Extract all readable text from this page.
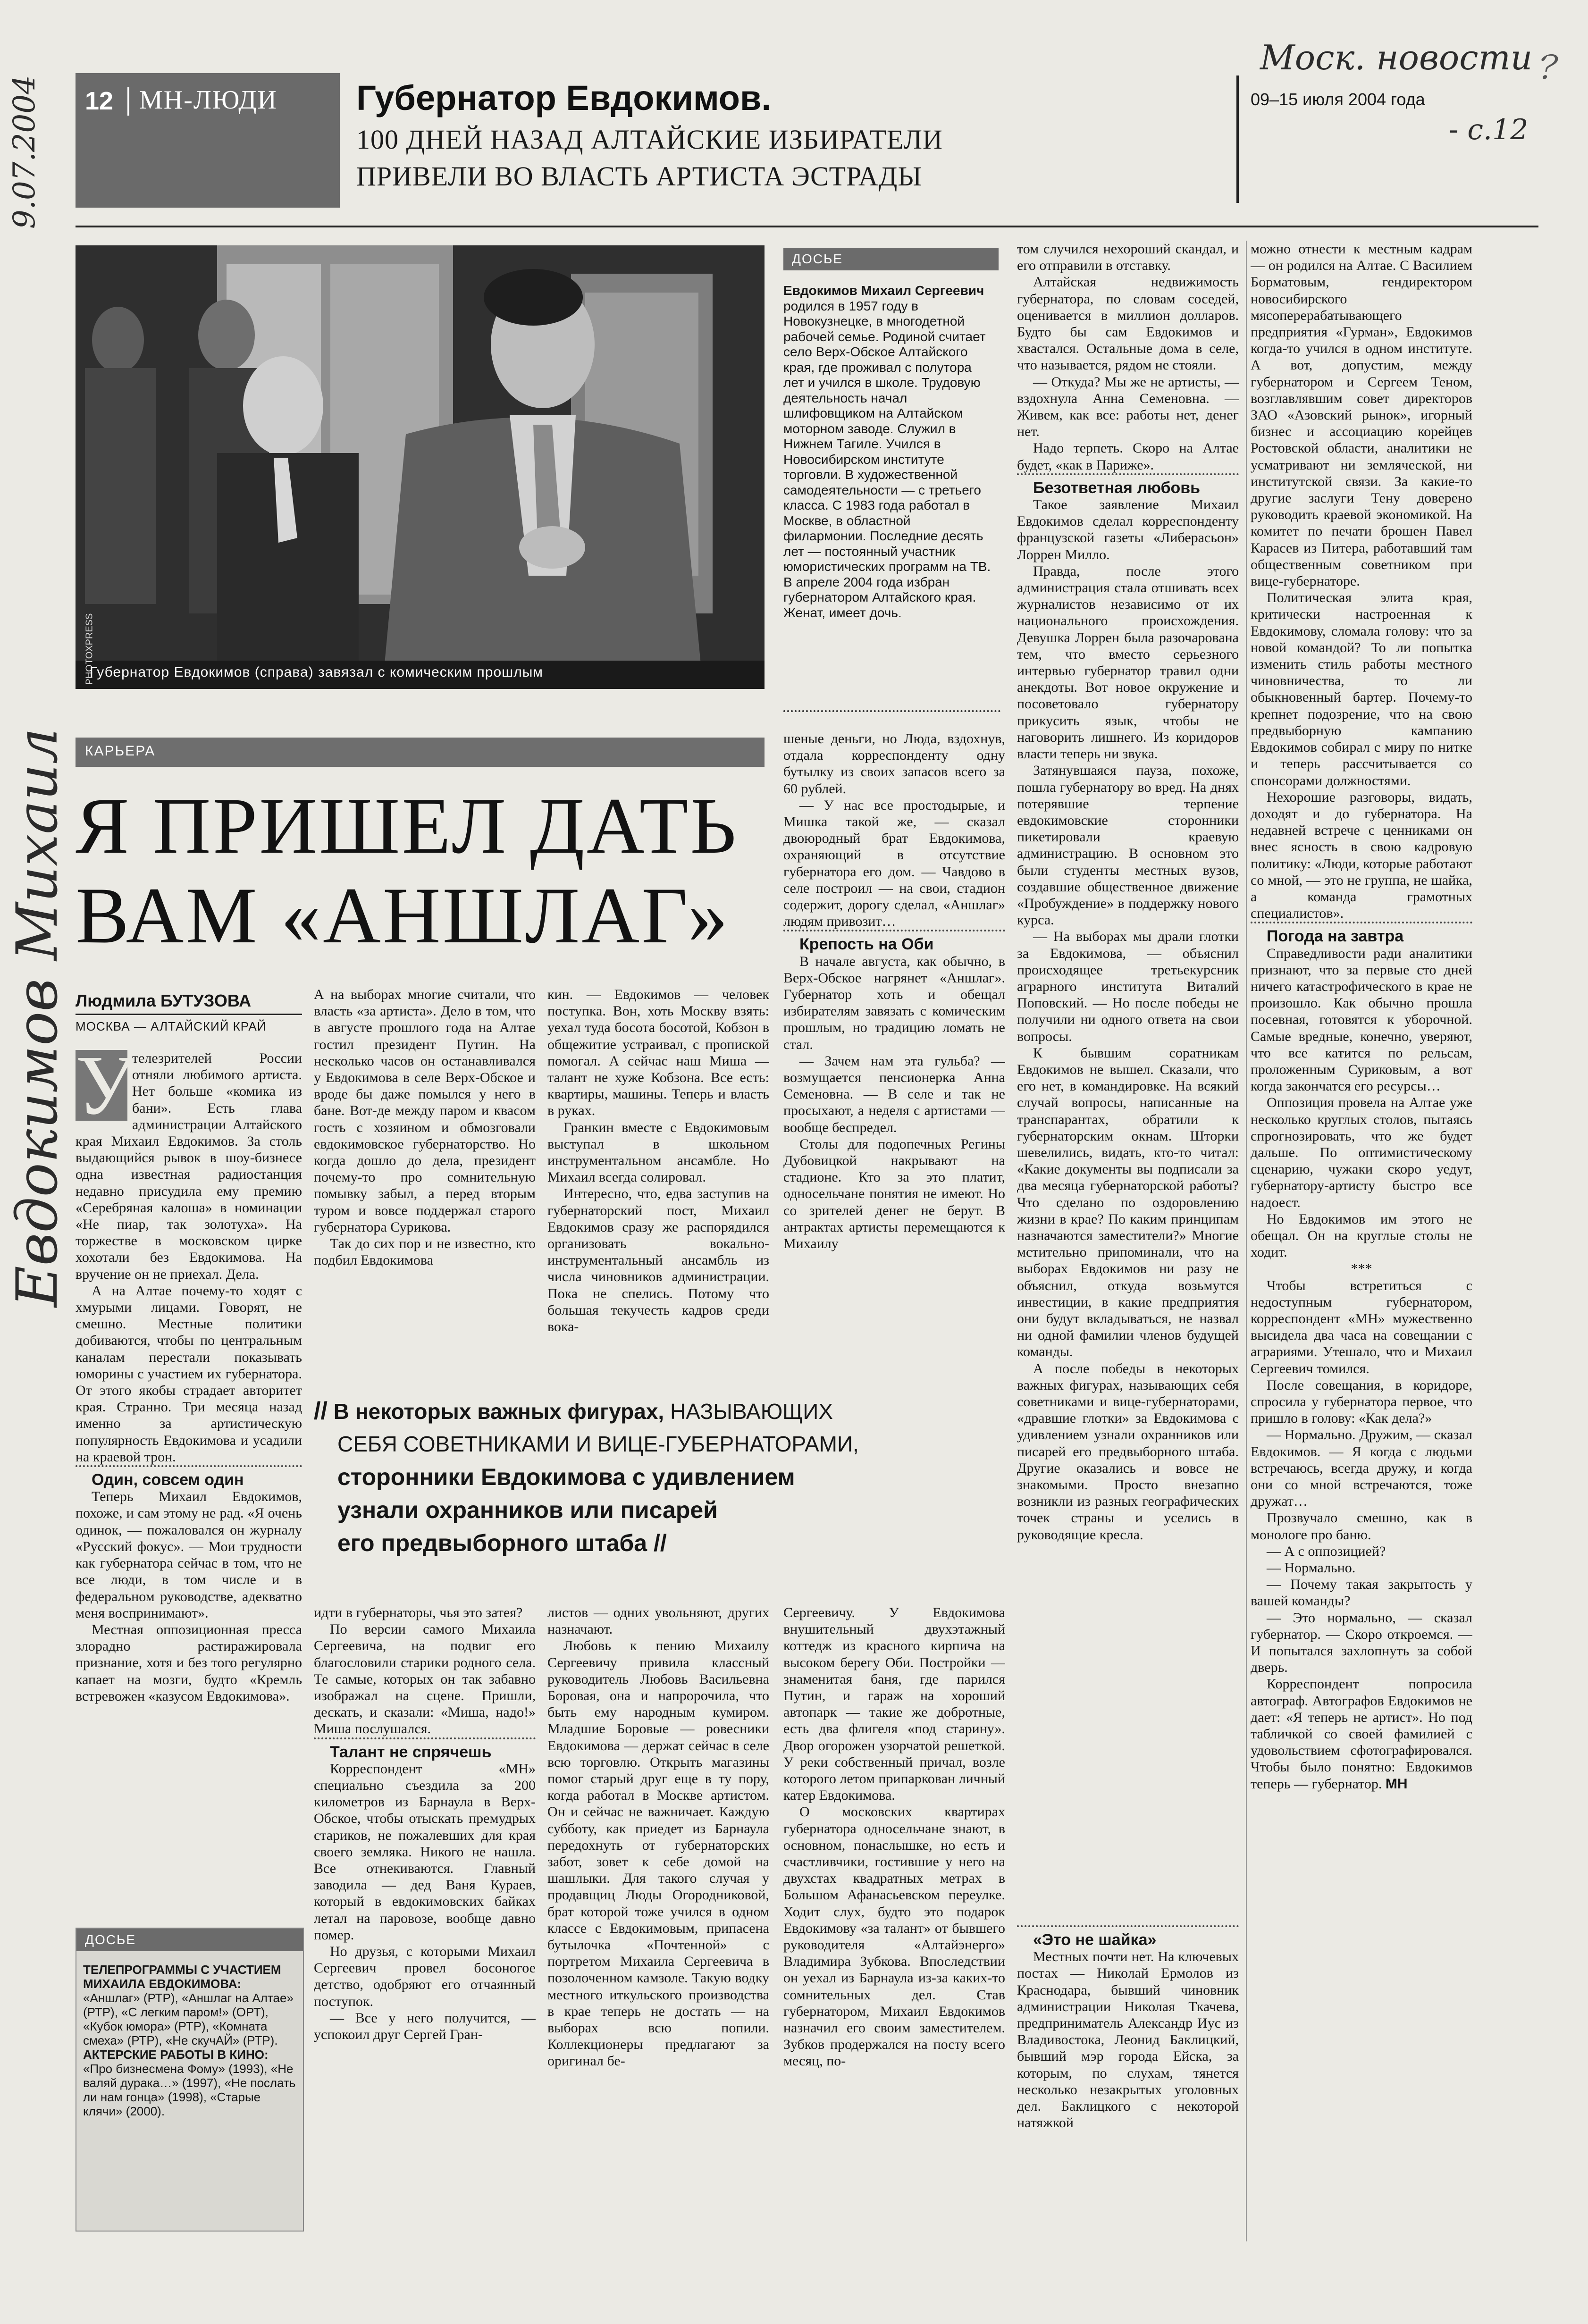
9.07.2004
Евдокимов Михаил
Моск. новости
- с.12
﹖
12 МН-ЛЮДИ Губернатор Евдокимов.
100 ДНЕЙ НАЗАД АЛТАЙСКИЕ ИЗБИРАТЕЛИ
ПРИВЕЛИ ВО ВЛАСТЬ АРТИСТА ЭСТРАДЫ
09–15 июля 2004 года
PHOTOXPRESS
Губернатор Евдокимов (справа) завязал с комическим прошлым
ДОСЬЕ
Евдокимов Михаил Сергеевич родился в 1957 году в Новокузнецке, в многодетной рабочей семье. Родиной считает село Верх-Обское Алтайского края, где проживал с полутора лет и учился в школе. Трудовую деятельность начал шлифовщиком на Алтайском моторном заводе. Служил в Нижнем Тагиле. Учился в Новосибирском институте торговли. В художественной самодеятельности — с третьего класса. С 1983 года работал в Москве, в областной филармонии. Последние десять лет — постоянный участник юмористических программ на ТВ. В апреле 2004 года избран губернатором Алтайского края. Женат, имеет дочь.
КАРЬЕРА
Я ПРИШЕЛ ДАТЬ
ВАМ «АНШЛАГ»
Людмила БУТУЗОВА
МОСКВА — АЛТАЙСКИЙ КРАЙ
У

телезрителей России отняли любимого артиста. Нет больше «комика из бани». Есть глава администрации Алтайского края Михаил Евдокимов. За столь выдающийся рывок в шоу-бизнесе одна известная радиостанция недавно присудила ему премию «Серебряная калоша» в номинации «Не пиар, так золотуха». На торжестве в московском цирке хохотали без Евдокимова. На вручение он не приехал. Дела.

А на Алтае почему-то ходят с хмурыми лицами. Говорят, не смешно. Местные политики добиваются, чтобы по центральным каналам перестали показывать юморины с участием их губернатора. От этого якобы страдает авторитет края. Странно. Три месяца назад именно за артистическую популярность Евдокимова и усадили на краевой трон.

Один, совсем один

Теперь Михаил Евдокимов, похоже, и сам этому не рад. «Я очень одинок, — пожаловался он журналу «Русский фокус». — Мои трудности как губернатора сейчас в том, что не все люди, в том числе и в федеральном руководстве, адекватно меня воспринимают».

Местная оппозиционная пресса злорадно растиражировала признание, хотя и без того регулярно капает на мозги, будто «Кремль встревожен «казусом Евдокимова».

ДОСЬЕ
ТЕЛЕПРОГРАММЫ С УЧАСТИЕМ МИХАИЛА ЕВДОКИМОВА:
«Аншлаг» (РТР), «Аншлаг на Алтае» (РТР), «С легким паром!» (ОРТ), «Кубок юмора» (РТР), «Комната смеха» (РТР), «Не скучАЙ» (РТР).
АКТЕРСКИЕ РАБОТЫ В КИНО:
«Про бизнесмена Фому» (1993), «Не валяй дурака…» (1997), «Не послать ли нам гонца» (1998), «Старые клячи» (2000).

А на выборах многие считали, что власть «за артиста». Дело в том, что в августе прошлого года на Алтае гостил президент Путин. На несколько часов он останавливался у Евдокимова в селе Верх-Обское и вроде бы даже помылся у него в бане. Вот-де между паром и квасом гость с хозяином и обмозговали евдокимовское губернаторство. Но когда дошло до дела, президент почему-то про сомнительную помывку забыл, а перед вторым туром и вовсе поддержал старого губернатора Сурикова.

Так до сих пор и не известно, кто подбил Евдокимова

кин. — Евдокимов — человек поступка. Вон, хоть Москву взять: уехал туда босота босотой, Кобзон в общежитие устраивал, с пропиской помогал. А сейчас наш Миша — талант не хуже Кобзона. Все есть: квартиры, машины. Теперь и власть в руках.

Гранкин вместе с Евдокимовым выступал в школьном инструментальном ансамбле. Но Михаил всегда солировал.

Интересно, что, едва заступив на губернаторский пост, Михаил Евдокимов сразу же распорядился организовать вокально-инструментальный ансамбль из числа чиновников администрации. Пока не спелись. Потому что большая текучесть кадров среди вока-

шеные деньги, но Люда, вздохнув, отдала корреспонденту одну бутылку из своих запасов всего за 60 рублей.

— У нас все простодырые, и Мишка такой же, — сказал двоюродный брат Евдокимова, охраняющий в отсутствие губернатора его дом. — Чавдово в селе построил — на свои, стадион содержит, дорогу сделал, «Аншлаг» людям привозит…

Крепость на Оби

В начале августа, как обычно, в Верх-Обское нагрянет «Аншлаг». Губернатор хоть и обещал избирателям завязать с комическим прошлым, но традицию ломать не стал.

— Зачем нам эта гульба? — возмущается пенсионерка Анна Семеновна. — В селе и так не просыхают, а неделя с артистами — вообще беспредел.

Столы для подопечных Регины Дубовицкой накрывают на стадионе. Кто за это платит, односельчане понятия не имеют. Но со зрителей денег не берут. В антрактах артисты перемещаются к Михаилу

том случился нехороший скандал, и его отправили в отставку.

Алтайская недвижимость губернатора, по словам соседей, оценивается в миллион долларов. Будто бы сам Евдокимов и хвастался. Остальные дома в селе, что называется, рядом не стояли.

— Откуда? Мы же не артисты, — вздохнула Анна Семеновна. — Живем, как все: работы нет, денег нет.

Надо терпеть. Скоро на Алтае будет, «как в Париже».

Безответная любовь

Такое заявление Михаил Евдокимов сделал корреспонденту французской газеты «Либерасьон» Лоррен Милло.

Правда, после этого администрация стала отшивать всех журналистов независимо от их национального происхождения. Девушка Лоррен была разочарована тем, что вместо серьезного интервью губернатор травил одни анекдоты. Вот новое окружение и посоветовало губернатору прикусить язык, чтобы не наговорить лишнего. Из коридоров власти теперь ни звука.

Затянувшаяся пауза, похоже, пошла губернатору во вред. На днях потерявшие терпение евдокимовские сторонники пикетировали краевую администрацию. В основном это были студенты местных вузов, создавшие общественное движение «Пробуждение» в поддержку нового курса.

— На выборах мы драли глотки за Евдокимова, — объяснил происходящее третьекурсник аграрного института Виталий Поповский. — Но после победы не получили ни одного ответа на свои вопросы.

К бывшим соратникам Евдокимов не вышел. Сказали, что его нет, в командировке. На всякий случай вопросы, написанные на транспарантах, обратили к губернаторским окнам. Шторки шевелились, видать, кто-то читал: «Какие документы вы подписали за два месяца губернаторской работы? Что сделано по оздоровлению жизни в крае? По каким принципам назначаются заместители?» Многие мстительно припоминали, что на выборах Евдокимов ни разу не объяснил, откуда возьмутся инвестиции, в какие предприятия они будут вкладываться, не назвал ни одной фамилии членов будущей команды.

А после победы в некоторых важных фигурах, называющих себя советниками и вице-губернаторами, «дравшие глотки» за Евдокимова с удивлением узнали охранников или писарей его предвыборного штаба. Другие оказались и вовсе не знакомыми. Просто внезапно возникли из разных географических точек страны и уселись в руководящие кресла.

можно отнести к местным кадрам — он родился на Алтае. С Василием Борматовым, гендиректором новосибирского мясоперерабатывающего предприятия «Гурман», Евдокимов когда-то учился в одном институте. А вот, допустим, между губернатором и Сергеем Теном, возглавлявшим совет директоров ЗАО «Азовский рынок», игорный бизнес и ассоциацию корейцев Ростовской области, аналитики не усматривают ни земляческой, ни институтской связи. За какие-то другие заслуги Тену доверено руководить краевой экономикой. На комитет по печати брошен Павел Карасев из Питера, работавший там общественным советником при вице-губернаторе.

Политическая элита края, критически настроенная к Евдокимову, сломала голову: что за новой командой? То ли попытка изменить стиль работы местного чиновничества, то ли обыкновенный бартер. Почему-то крепнет подозрение, что на свою предвыборную кампанию Евдокимов собирал с миру по нитке и теперь рассчитывается со спонсорами должностями.

Нехорошие разговоры, видать, доходят и до губернатора. На недавней встрече с ценниками он внес ясность в свою кадровую политику: «Люди, которые работают со мной, — это не группа, не шайка, а команда грамотных специалистов».

Погода на завтра

Справедливости ради аналитики признают, что за первые сто дней ничего катастрофического в крае не произошло. Как обычно прошла посевная, готовятся к уборочной. Самые вредные, конечно, уверяют, что все катится по рельсам, проложенным Суриковым, а вот когда закончатся его ресурсы…

Оппозиция провела на Алтае уже несколько круглых столов, пытаясь спрогнозировать, что же будет дальше. По оптимистическому сценарию, чужаки скоро уедут, губернатору-артисту быстро все надоест.

Но Евдокимов им этого не обещал. Он на круглые столы не ходит.

***

Чтобы встретиться с недоступным губернатором, корреспондент «МН» мужественно высидела два часа на совещании с аграриями. Утешало, что и Михаил Сергеевич томился.

После совещания, в коридоре, спросила у губернатора первое, что пришло в голову: «Как дела?»

— Нормально. Дружим, — сказал Евдокимов. — Я когда с людьми встречаюсь, всегда дружу, и когда они со мной встречаются, тоже дружат…

Прозвучало смешно, как в монологе про баню.

— А с оппозицией?

— Нормально.

— Почему такая закрытость у вашей команды?

— Это нормально, — сказал губернатор. — Скоро откроемся. — И попытался захлопнуть за собой дверь.

Корреспондент попросила автограф. Автографов Евдокимов не дает: «Я теперь не артист». Но под табличкой со своей фамилией с удовольствием сфотографировался. Чтобы было понятно: Евдокимов теперь — губернатор. МН

// В некоторых важных фигурах, НАЗЫВАЮЩИХ
СЕБЯ СОВЕТНИКАМИ И ВИЦЕ-ГУБЕРНАТОРАМИ,
сторонники Евдокимова с удивлением
узнали охранников или писарей
его предвыборного штаба //

идти в губернаторы, чья это затея?

По версии самого Михаила Сергеевича, на подвиг его благословили старики родного села. Те самые, которых он так забавно изображал на сцене. Пришли, дескать, и сказали: «Миша, надо!» Миша послушался.

Талант не спрячешь

Корреспондент «МН» специально съездила за 200 километров из Барнаула в Верх-Обское, чтобы отыскать премудрых стариков, не пожалевших для края своего земляка. Никого не нашла. Все отнекиваются. Главный заводила — дед Ваня Кураев, который в евдокимовских байках летал на паровозе, вообще давно помер.

Но друзья, с которыми Михаил Сергеевич провел босоногое детство, одобряют его отчаянный поступок.

— Все у него получится, — успокоил друг Сергей Гран-

листов — одних увольняют, других назначают.

Любовь к пению Михаилу Сергеевичу привила классный руководитель Любовь Васильевна Боровая, она и напророчила, что быть ему народным кумиром. Младшие Боровые — ровесники Евдокимова — держат сейчас в селе всю торговлю. Открыть магазины помог старый друг еще в ту пору, когда работал в Москве артистом. Он и сейчас не важничает. Каждую субботу, как приедет из Барнаула передохнуть от губернаторских забот, зовет к себе домой на шашлыки. Для такого случая у продавщиц Люды Огородниковой, брат которой тоже учился в одном классе с Евдокимовым, припасена бутылочка «Почтенной» с портретом Михаила Сергеевича в позолоченном камзоле. Такую водку местного иткульского производства в крае теперь не достать — на выборах всю попили. Коллекционеры предлагают за оригинал бе-

Сергеевичу. У Евдокимова внушительный двухэтажный коттедж из красного кирпича на высоком берегу Оби. Постройки — знаменитая баня, где парился Путин, и гараж на хороший автопарк — такие же добротные, есть два флигеля «под старину». Двор огорожен узорчатой решеткой. У реки собственный причал, возле которого летом припаркован личный катер Евдокимова.

О московских квартирах губернатора односельчане знают, в основном, понаслышке, но есть и счастливчики, гостившие у него на двухстах квадратных метрах в Большом Афанасьевском переулке. Ходит слух, будто это подарок Евдокимову «за талант» от бывшего руководителя «Алтайэнерго» Владимира Зубкова. Впоследствии он уехал из Барнаула из-за каких-то сомнительных дел. Став губернатором, Михаил Евдокимов назначил его своим заместителем. Зубков продержался на посту всего месяц, по-

«Это не шайка»

Местных почти нет. На ключевых постах — Николай Ермолов из Краснодара, бывший чиновник администрации Николая Ткачева, предприниматель Александр Иус из Владивостока, Леонид Баклицкий, бывший мэр города Ейска, за которым, по слухам, тянется несколько незакрытых уголовных дел. Баклицкого с некоторой натяжкой
